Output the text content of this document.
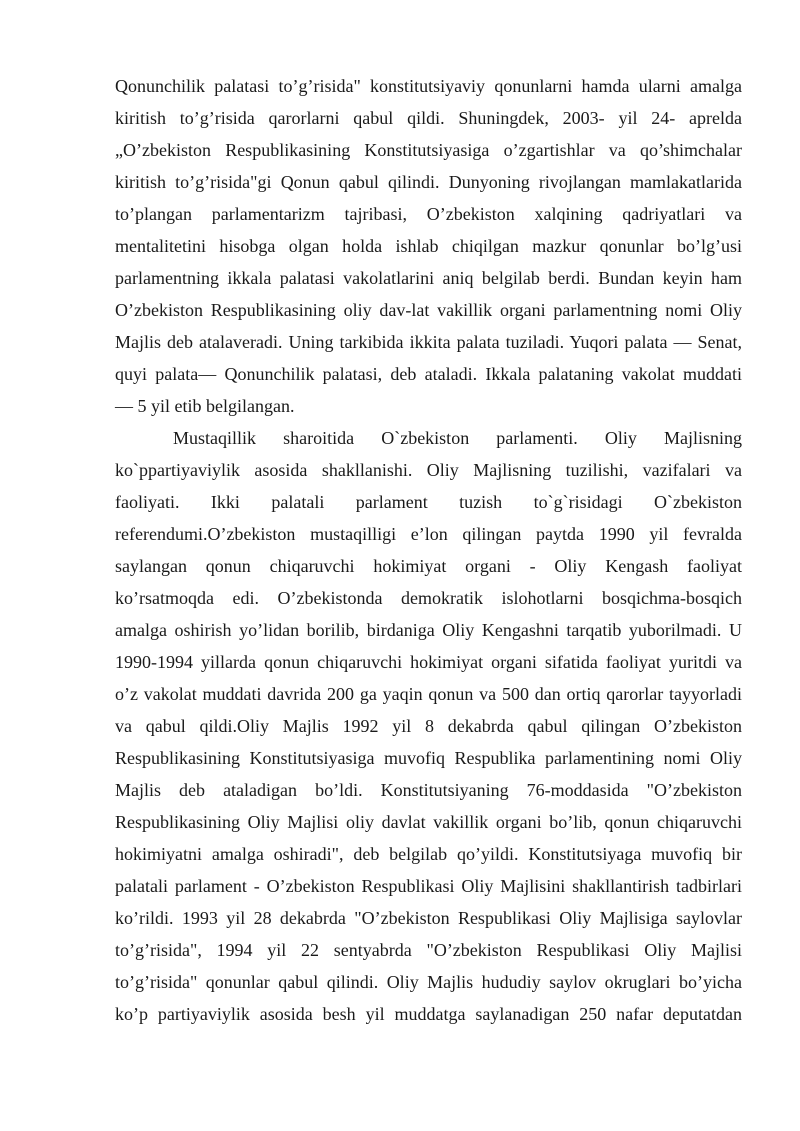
Qonunchilik palatasi to’g’risida" konstitutsiyaviy qonunlarni hamda ularni amalga
kiritish to’g’risida qarorlarni qabul qildi. Shuningdek, 2003- yil 24- aprelda
„O’zbekiston Respublikasining Konstitutsiyasiga o’zgartishlar va qo’shimchalar
kiritish to’g’risida"gi Qonun qabul qilindi. Dunyoning rivojlangan mamlakatlarida
to’plangan parlamentarizm tajribasi, O’zbekiston xalqining qadriyatlari va
mentalitetini hisobga olgan holda ishlab chiqilgan mazkur qonunlar bo’lg’usi
parlamentning ikkala palatasi vakolatlarini aniq belgilab berdi. Bundan keyin ham
O’zbekiston Respublikasining oliy dav-lat vakillik organi parlamentning nomi Oliy
Majlis deb atalaveradi. Uning tarkibida ikkita palata tuziladi. Yuqori palata — Senat,
quyi palata— Qonunchilik palatasi, deb ataladi. Ikkala palataning vakolat muddati
— 5 yil etib belgilangan.
Mustaqillik sharoitida O`zbekiston parlamenti. Oliy Majlisning
ko`ppartiyaviylik asosida shakllanishi. Oliy Majlisning tuzilishi, vazifalari va
faoliyati. Ikki palatali parlament tuzish to`g`risidagi O`zbekiston
referendumi.O’zbekiston mustaqilligi e’lon qilingan paytda 1990 yil fevralda
saylangan qonun chiqaruvchi hokimiyat organi - Oliy Kengash faoliyat
ko’rsatmoqda edi. O’zbekistonda demokratik islohotlarni bosqichma-bosqich
amalga oshirish yo’lidan borilib, birdaniga Oliy Kengashni tarqatib yuborilmadi. U
1990-1994 yillarda qonun chiqaruvchi hokimiyat organi sifatida faoliyat yuritdi va
o’z vakolat muddati davrida 200 ga yaqin qonun va 500 dan ortiq qarorlar tayyorladi
va qabul qildi.Oliy Majlis 1992 yil 8 dekabrda qabul qilingan O’zbekiston
Respublikasining Konstitutsiyasiga muvofiq Respublika parlamentining nomi Oliy
Majlis deb ataladigan bo’ldi. Konstitutsiyaning 76-moddasida "O’zbekiston
Respublikasining Oliy Majlisi oliy davlat vakillik organi bo’lib, qonun chiqaruvchi
hokimiyatni amalga oshiradi", deb belgilab qo’yildi. Konstitutsiyaga muvofiq bir
palatali parlament - O’zbekiston Respublikasi Oliy Majlisini shakllantirish tadbirlari
ko’rildi. 1993 yil 28 dekabrda "O’zbekiston Respublikasi Oliy Majlisiga saylovlar
to’g’risida", 1994 yil 22 sentyabrda "O’zbekiston Respublikasi Oliy Majlisi
to’g’risida" qonunlar qabul qilindi. Oliy Majlis hududiy saylov okruglari bo’yicha
ko’p partiyaviylik asosida besh yil muddatga saylanadigan 250 nafar deputatdan
